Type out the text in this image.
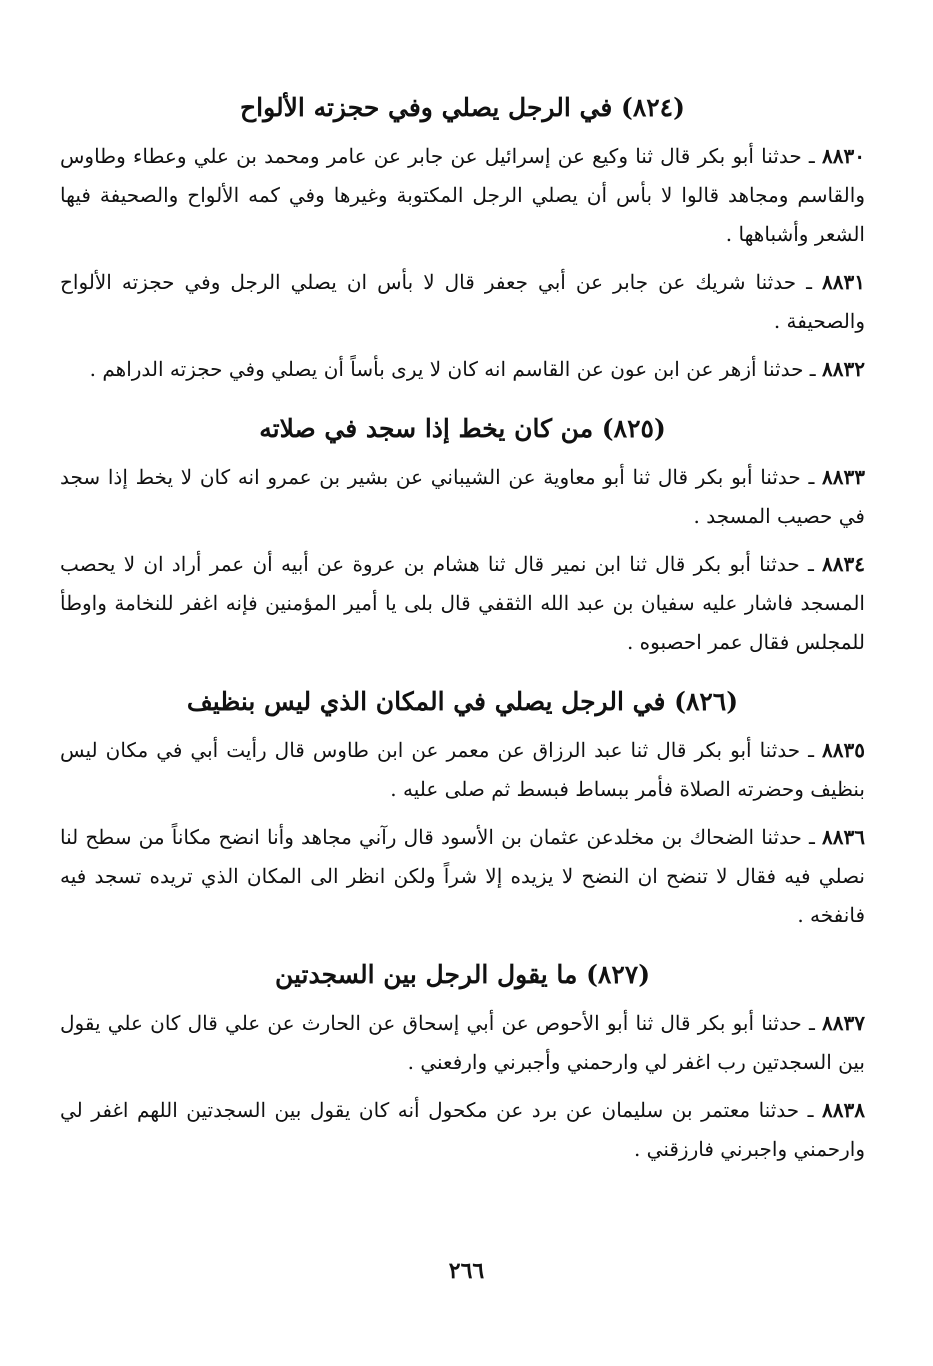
(٨٢٤) في الرجل يصلي وفي حجزته الألواح

٨٨٣٠ ـ حدثنا أبو بكر قال ثنا وكيع عن إسرائيل عن جابر عن عامر ومحمد بن علي وعطاء وطاوس والقاسم ومجاهد قالوا لا بأس أن يصلي الرجل المكتوبة وغيرها وفي كمه الألواح والصحيفة فيها الشعر وأشباهها .

٨٨٣١ ـ حدثنا شريك عن جابر عن أبي جعفر قال لا بأس ان يصلي الرجل وفي حجزته الألواح والصحيفة .

٨٨٣٢ ـ حدثنا أزهر عن ابن عون عن القاسم انه كان لا يرى بأساً أن يصلي وفي حجزته الدراهم .

(٨٢٥) من كان يخط إذا سجد في صلاته

٨٨٣٣ ـ حدثنا أبو بكر قال ثنا أبو معاوية عن الشيباني عن بشير بن عمرو انه كان لا يخط إذا سجد في حصيب المسجد .

٨٨٣٤ ـ حدثنا أبو بكر قال ثنا ابن نمير قال ثنا هشام بن عروة عن أبيه أن عمر أراد ان لا يحصب المسجد فاشار عليه سفيان بن عبد الله الثقفي قال بلى يا أمير المؤمنين فإنه اغفر للنخامة واوطأ للمجلس فقال عمر احصبوه .

(٨٢٦) في الرجل يصلي في المكان الذي ليس بنظيف

٨٨٣٥ ـ حدثنا أبو بكر قال ثنا عبد الرزاق عن معمر عن ابن طاوس قال رأيت أبي في مكان ليس بنظيف وحضرته الصلاة فأمر ببساط فبسط ثم صلى عليه .

٨٨٣٦ ـ حدثنا الضحاك بن مخلدعن عثمان بن الأسود قال رآني مجاهد وأنا انضح مكاناً من سطح لنا نصلي فيه فقال لا تنضح ان النضح لا يزيده إلا شراً ولكن انظر الى المكان الذي تريده تسجد فيه فانفخه .

(٨٢٧) ما يقول الرجل بين السجدتين

٨٨٣٧ ـ حدثنا أبو بكر قال ثنا أبو الأحوص عن أبي إسحاق عن الحارث عن علي قال كان علي يقول بين السجدتين رب اغفر لي وارحمني وأجبرني وارفعني .

٨٨٣٨ ـ حدثنا معتمر بن سليمان عن برد عن مكحول أنه كان يقول بين السجدتين اللهم اغفر لي وارحمني واجبرني فارزقني .

٢٦٦
